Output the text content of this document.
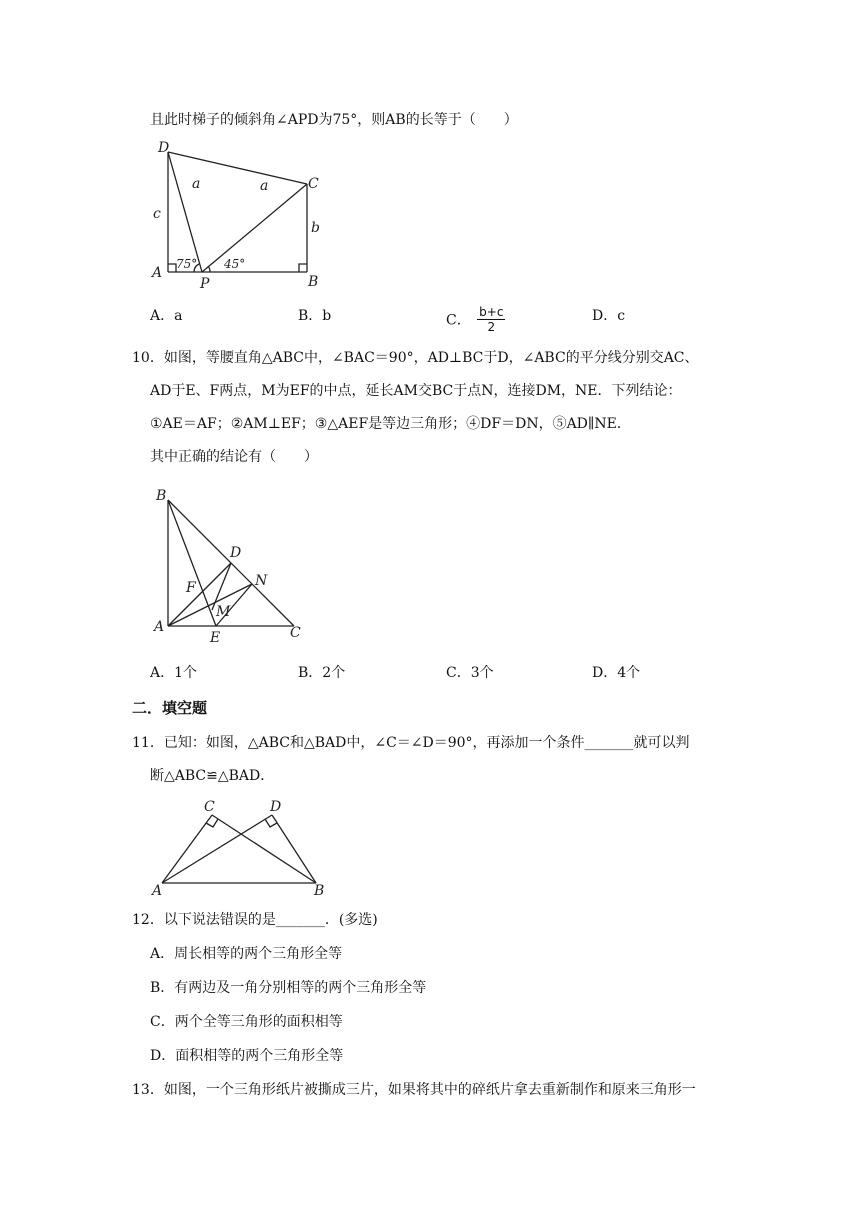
且此时梯子的倾斜角∠APD为75°，则AB的长等于（　　）
D
C
A
B
P
c
a	a
b
75° 45°
A．a	B．b	C． $\frac{b+c}{2}$	D．c
10．如图，等腰直角△ABC中，∠BAC＝90°，AD⊥BC于D，∠ABC的平分线分别交AC、
AD于E、F两点，M为EF的中点，延长AM交BC于点N，连接DM，NE．下列结论：
①AE＝AF；②AM⊥EF；③△AEF是等边三角形；④DF＝DN，⑤AD∥NE．
其中正确的结论有（　　）
B
D
N
F
M
A
E	C
A．1个	B．2个	C．3个	D．4个
二．填空题
11．已知：如图，△ABC和△BAD中，∠C＝∠D＝90°，再添加一个条件_______就可以判
断△ABC≌△BAD．
C	D
A	B
12．以下说法错误的是_______．(多选)
A．周长相等的两个三角形全等
B．有两边及一角分别相等的两个三角形全等
C．两个全等三角形的面积相等
D．面积相等的两个三角形全等
13．如图，一个三角形纸片被撕成三片，如果将其中的碎纸片拿去重新制作和原来三角形一
